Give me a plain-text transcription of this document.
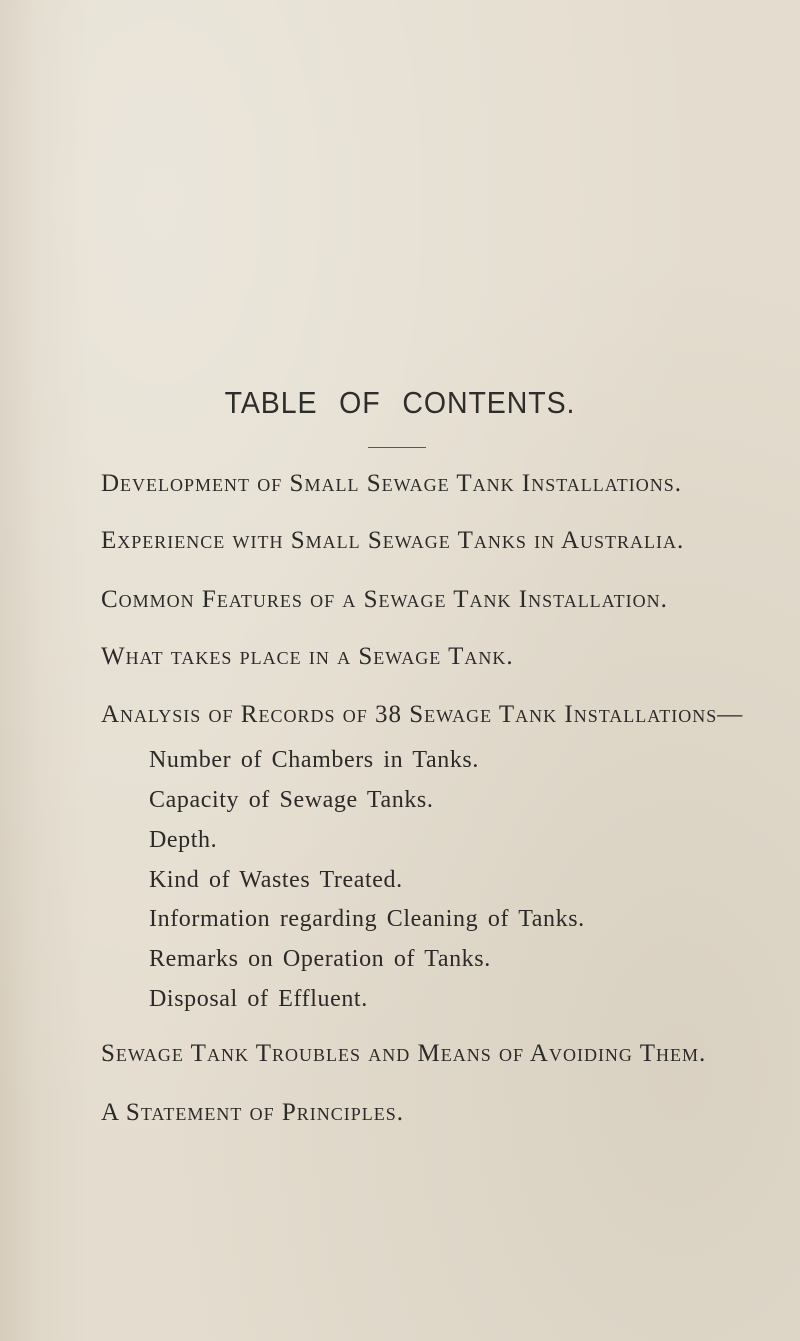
TABLE OF CONTENTS.
Development of Small Sewage Tank Installations.
Experience with Small Sewage Tanks in Australia.
Common Features of a Sewage Tank Installation.
What takes place in a Sewage Tank.
Analysis of Records of 38 Sewage Tank Installations—
Number of Chambers in Tanks.
Capacity of Sewage Tanks.
Depth.
Kind of Wastes Treated.
Information regarding Cleaning of Tanks.
Remarks on Operation of Tanks.
Disposal of Effluent.
Sewage Tank Troubles and Means of Avoiding Them.
A Statement of Principles.
